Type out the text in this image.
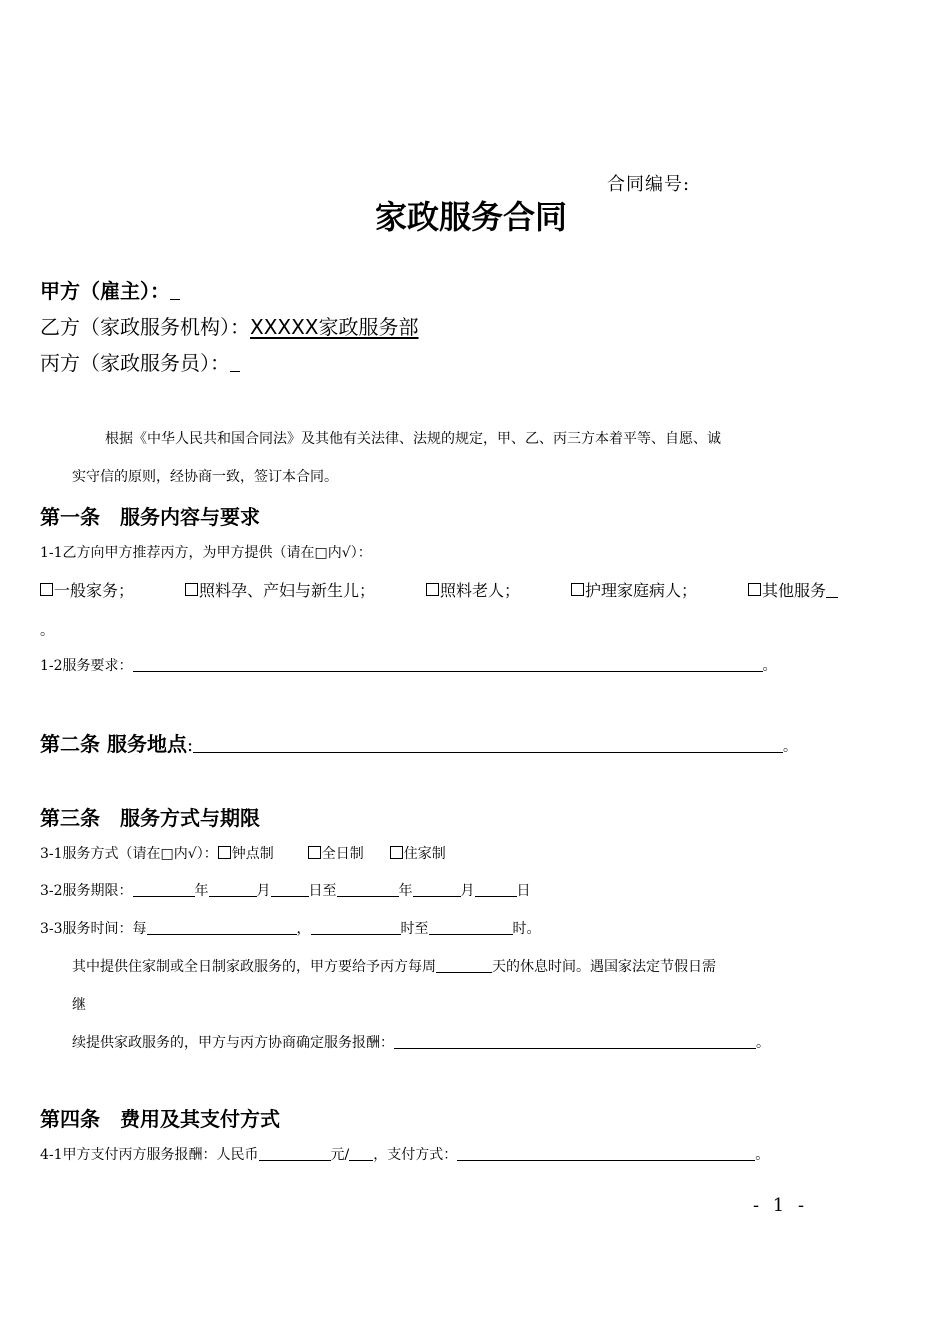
合同编号:
家政服务合同
甲方（雇主）：
乙方（家政服务机构）：XXXXX家政服务部
丙方（家政服务员）：
根据《中华人民共和国合同法》及其他有关法律、法规的规定，甲、乙、丙三方本着平等、自愿、诚
实守信的原则，经协商一致，签订本合同。
第一条　服务内容与要求
1-1乙方向甲方推荐丙方，为甲方提供（请在□内√）：
一般家务；	照料孕、产妇与新生儿；	照料老人；	护理家庭病人；	其他服务
。
1-2服务要求：	。
第二条 服务地点:	。
第三条　服务方式与期限
3-1服务方式（请在□内√）： 钟点制	全日制	住家制
3-2服务期限：	年	月	日至	年	月	日
3-3服务时间：每	，	时至	时。
其中提供住家制或全日制家政服务的，甲方要给予丙方每周	天的休息时间。遇国家法定节假日需
继
续提供家政服务的，甲方与丙方协商确定服务报酬：	。
第四条　费用及其支付方式
4-1甲方支付丙方服务报酬：人民币	元/ ，支付方式：	。
- 1 -
